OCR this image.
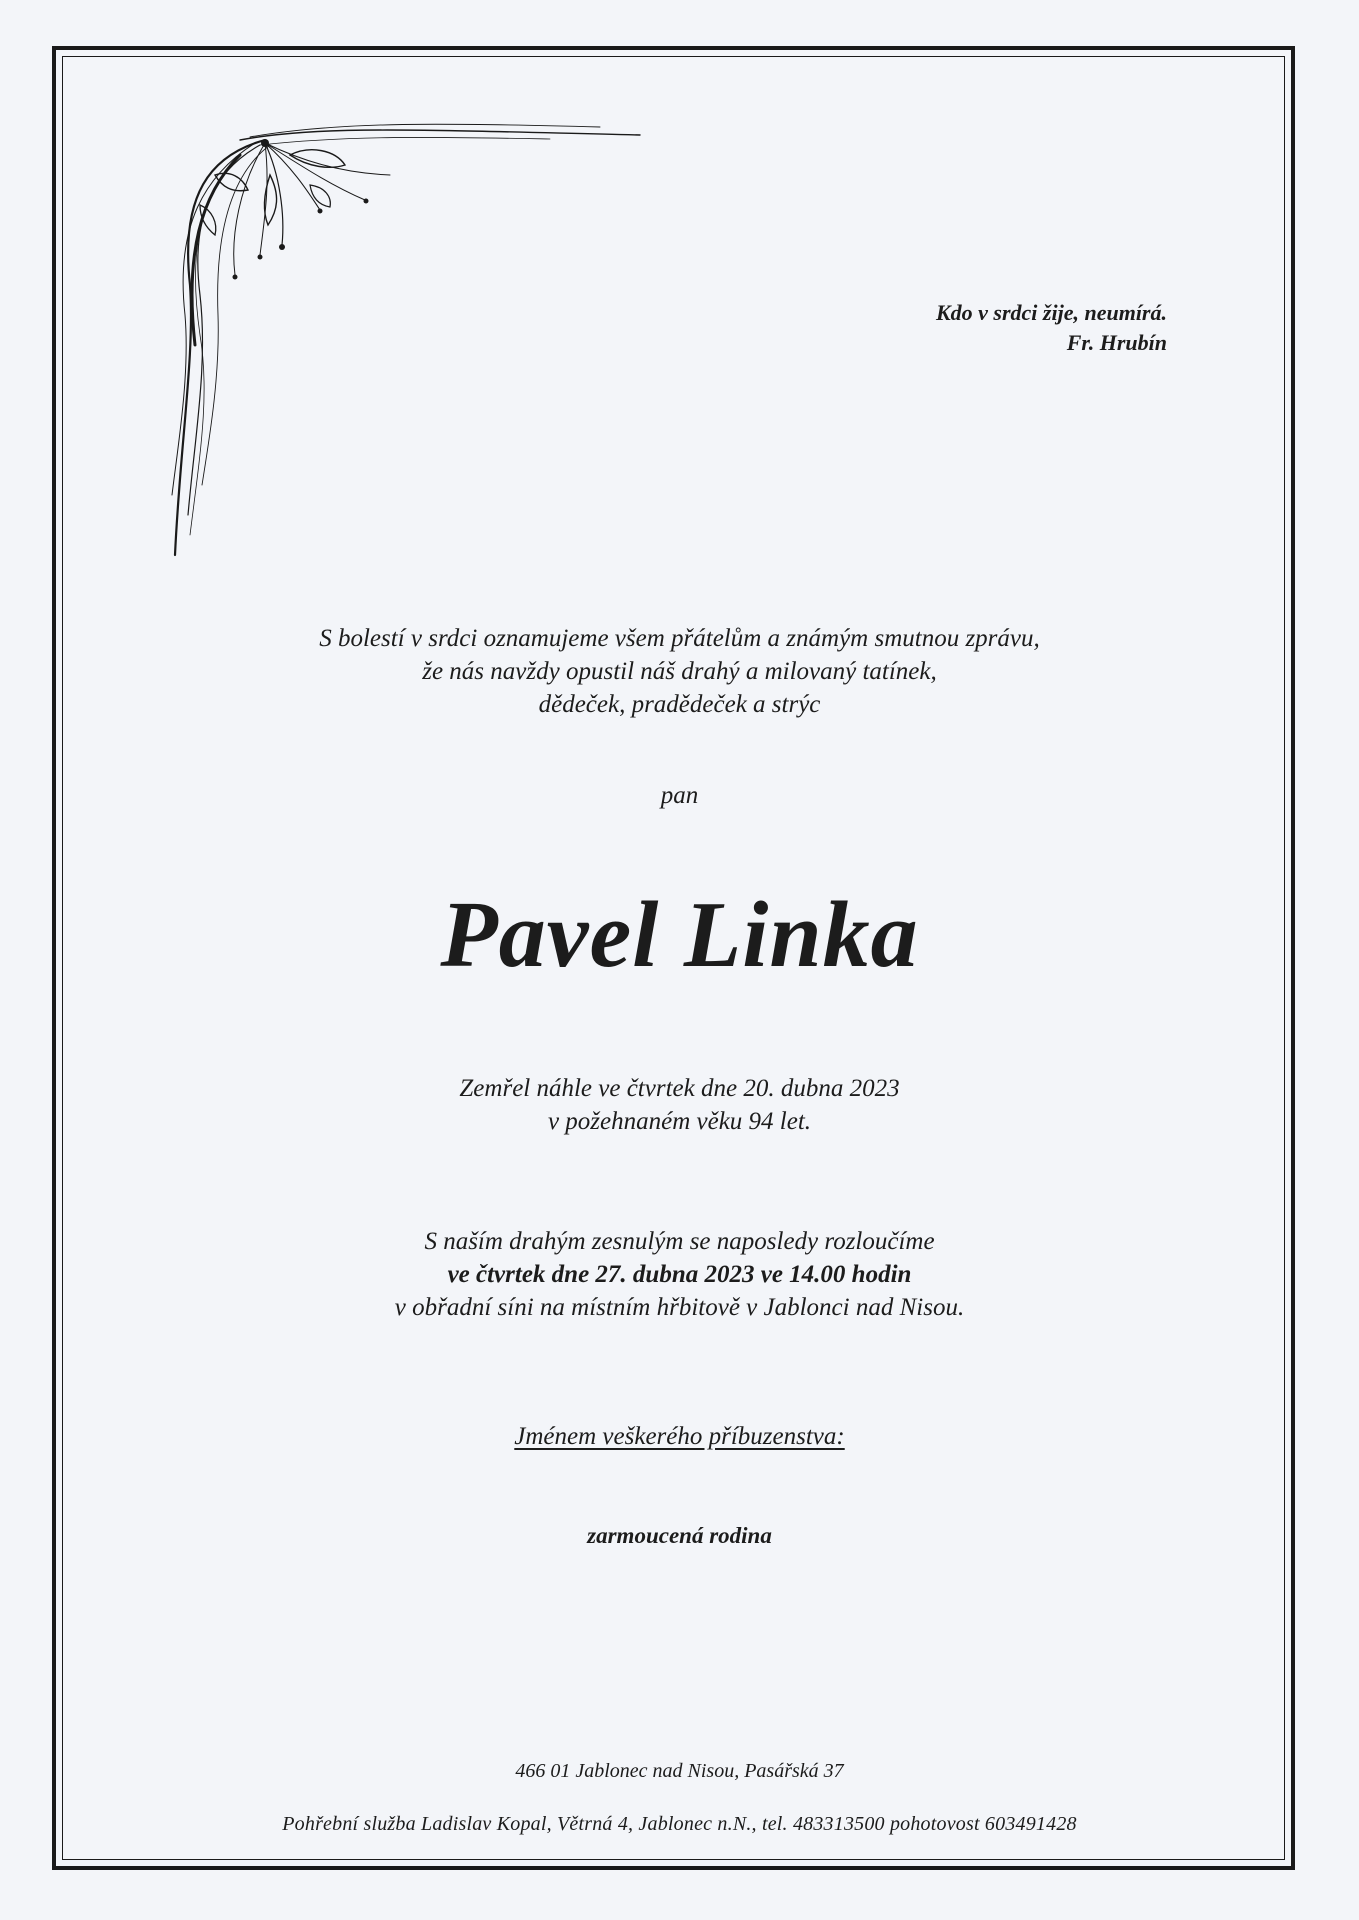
Kdo v srdci žije, neumírá.
Fr. Hrubín
S bolestí v srdci oznamujeme všem přátelům a známým smutnou zprávu,
že nás navždy opustil náš drahý a milovaný tatínek,
dědeček, pradědeček a strýc
pan
Pavel Linka
Zemřel náhle ve čtvrtek dne 20. dubna 2023
v požehnaném věku 94 let.
S naším drahým zesnulým se naposledy rozloučíme
ve čtvrtek dne 27. dubna 2023 ve 14.00 hodin
v obřadní síni na místním hřbitově v Jablonci nad Nisou.
Jménem veškerého příbuzenstva:
zarmoucená rodina
466 01 Jablonec nad Nisou, Pasářská 37
Pohřební služba Ladislav Kopal, Větrná 4, Jablonec n.N., tel. 483313500 pohotovost 603491428
